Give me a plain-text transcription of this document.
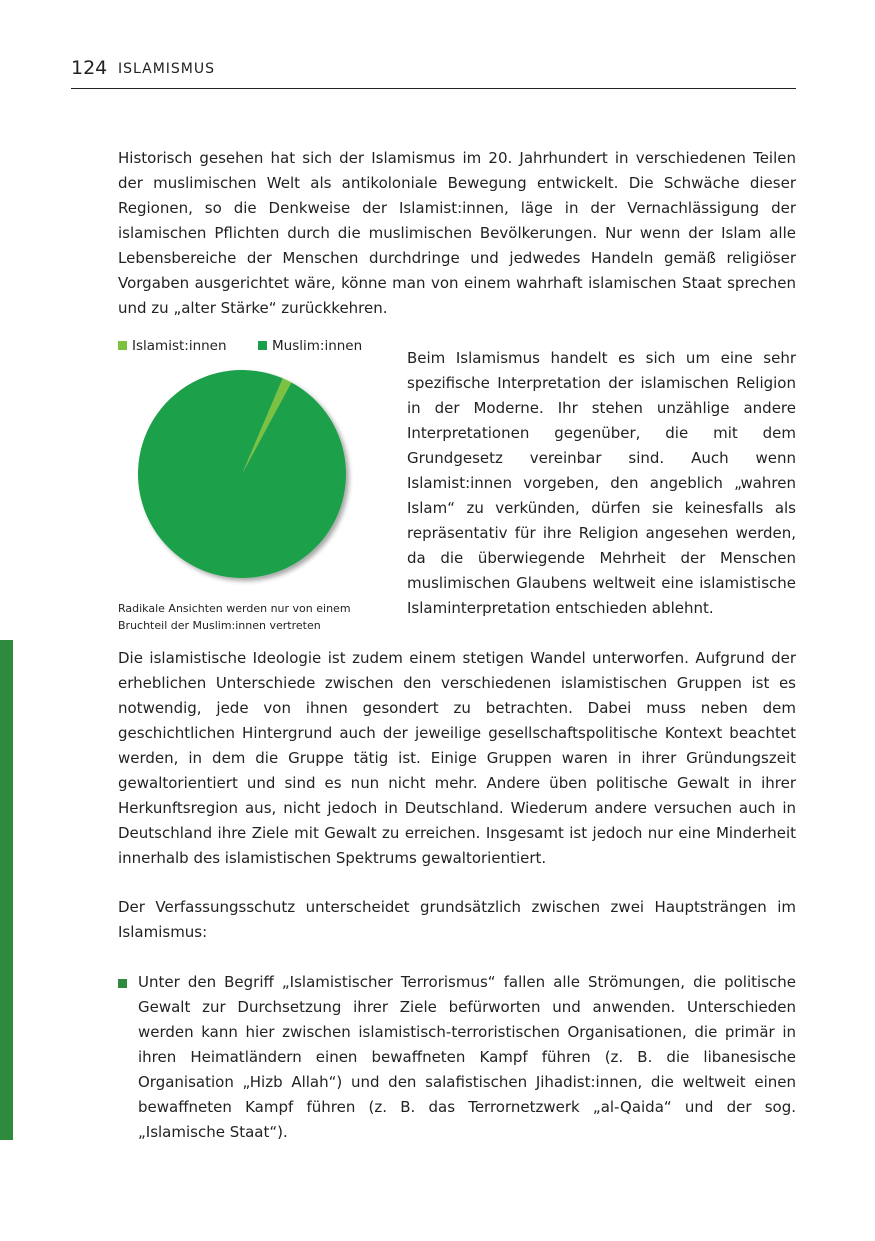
124 ISLAMISMUS

Historisch gesehen hat sich der Islamismus im 20. Jahrhundert in verschiedenen Teilen der muslimischen Welt als antikoloniale Bewegung entwickelt. Die Schwäche dieser Regionen, so die Denkweise der Islamist:innen, läge in der Vernachlässigung der islamischen Pflichten durch die muslimischen Bevölkerungen. Nur wenn der Islam alle Lebensbereiche der Menschen durchdringe und jedwedes Handeln gemäß religiöser Vorgaben ausgerichtet wäre, könne man von einem wahrhaft islamischen Staat sprechen und zu „alter Stärke“ zurückkehren.

Islamist:innen	Muslim:innen
Radikale Ansichten werden nur von einem Bruchteil der Muslim:innen vertreten

Beim Islamismus handelt es sich um eine sehr spezifische Interpretation der islamischen Religion in der Moderne. Ihr stehen unzählige andere Interpretationen gegenüber, die mit dem Grundgesetz vereinbar sind. Auch wenn Islamist:innen vorgeben, den angeblich „wahren Islam“ zu verkünden, dürfen sie keinesfalls als repräsentativ für ihre Religion angesehen werden, da die überwiegende Mehrheit der Menschen muslimischen Glaubens weltweit eine islamistische Islaminterpretation entschieden ablehnt.

Die islamistische Ideologie ist zudem einem stetigen Wandel unterworfen. Aufgrund der erheblichen Unterschiede zwischen den verschiedenen islamistischen Gruppen ist es notwendig, jede von ihnen gesondert zu betrachten. Dabei muss neben dem geschichtlichen Hintergrund auch der jeweilige gesellschaftspolitische Kontext beachtet werden, in dem die Gruppe tätig ist. Einige Gruppen waren in ihrer Gründungszeit gewaltorientiert und sind es nun nicht mehr. Andere üben politische Gewalt in ihrer Herkunftsregion aus, nicht jedoch in Deutschland. Wiederum andere versuchen auch in Deutschland ihre Ziele mit Gewalt zu erreichen. Insgesamt ist jedoch nur eine Minderheit innerhalb des islamistischen Spektrums gewaltorientiert.

Der Verfassungsschutz unterscheidet grundsätzlich zwischen zwei Hauptsträngen im Islamismus:

Unter den Begriff „Islamistischer Terrorismus“ fallen alle Strömungen, die politische Gewalt zur Durchsetzung ihrer Ziele befürworten und anwenden. Unterschieden werden kann hier zwischen islamistisch-terroristischen Organisationen, die primär in ihren Heimatländern einen bewaffneten Kampf führen (z. B. die libanesische Organisation „Hizb Allah“) und den salafistischen Jihadist:innen, die weltweit einen bewaffneten Kampf führen (z. B. das Terrornetzwerk „al-Qaida“ und der sog. „Islamische Staat“).
